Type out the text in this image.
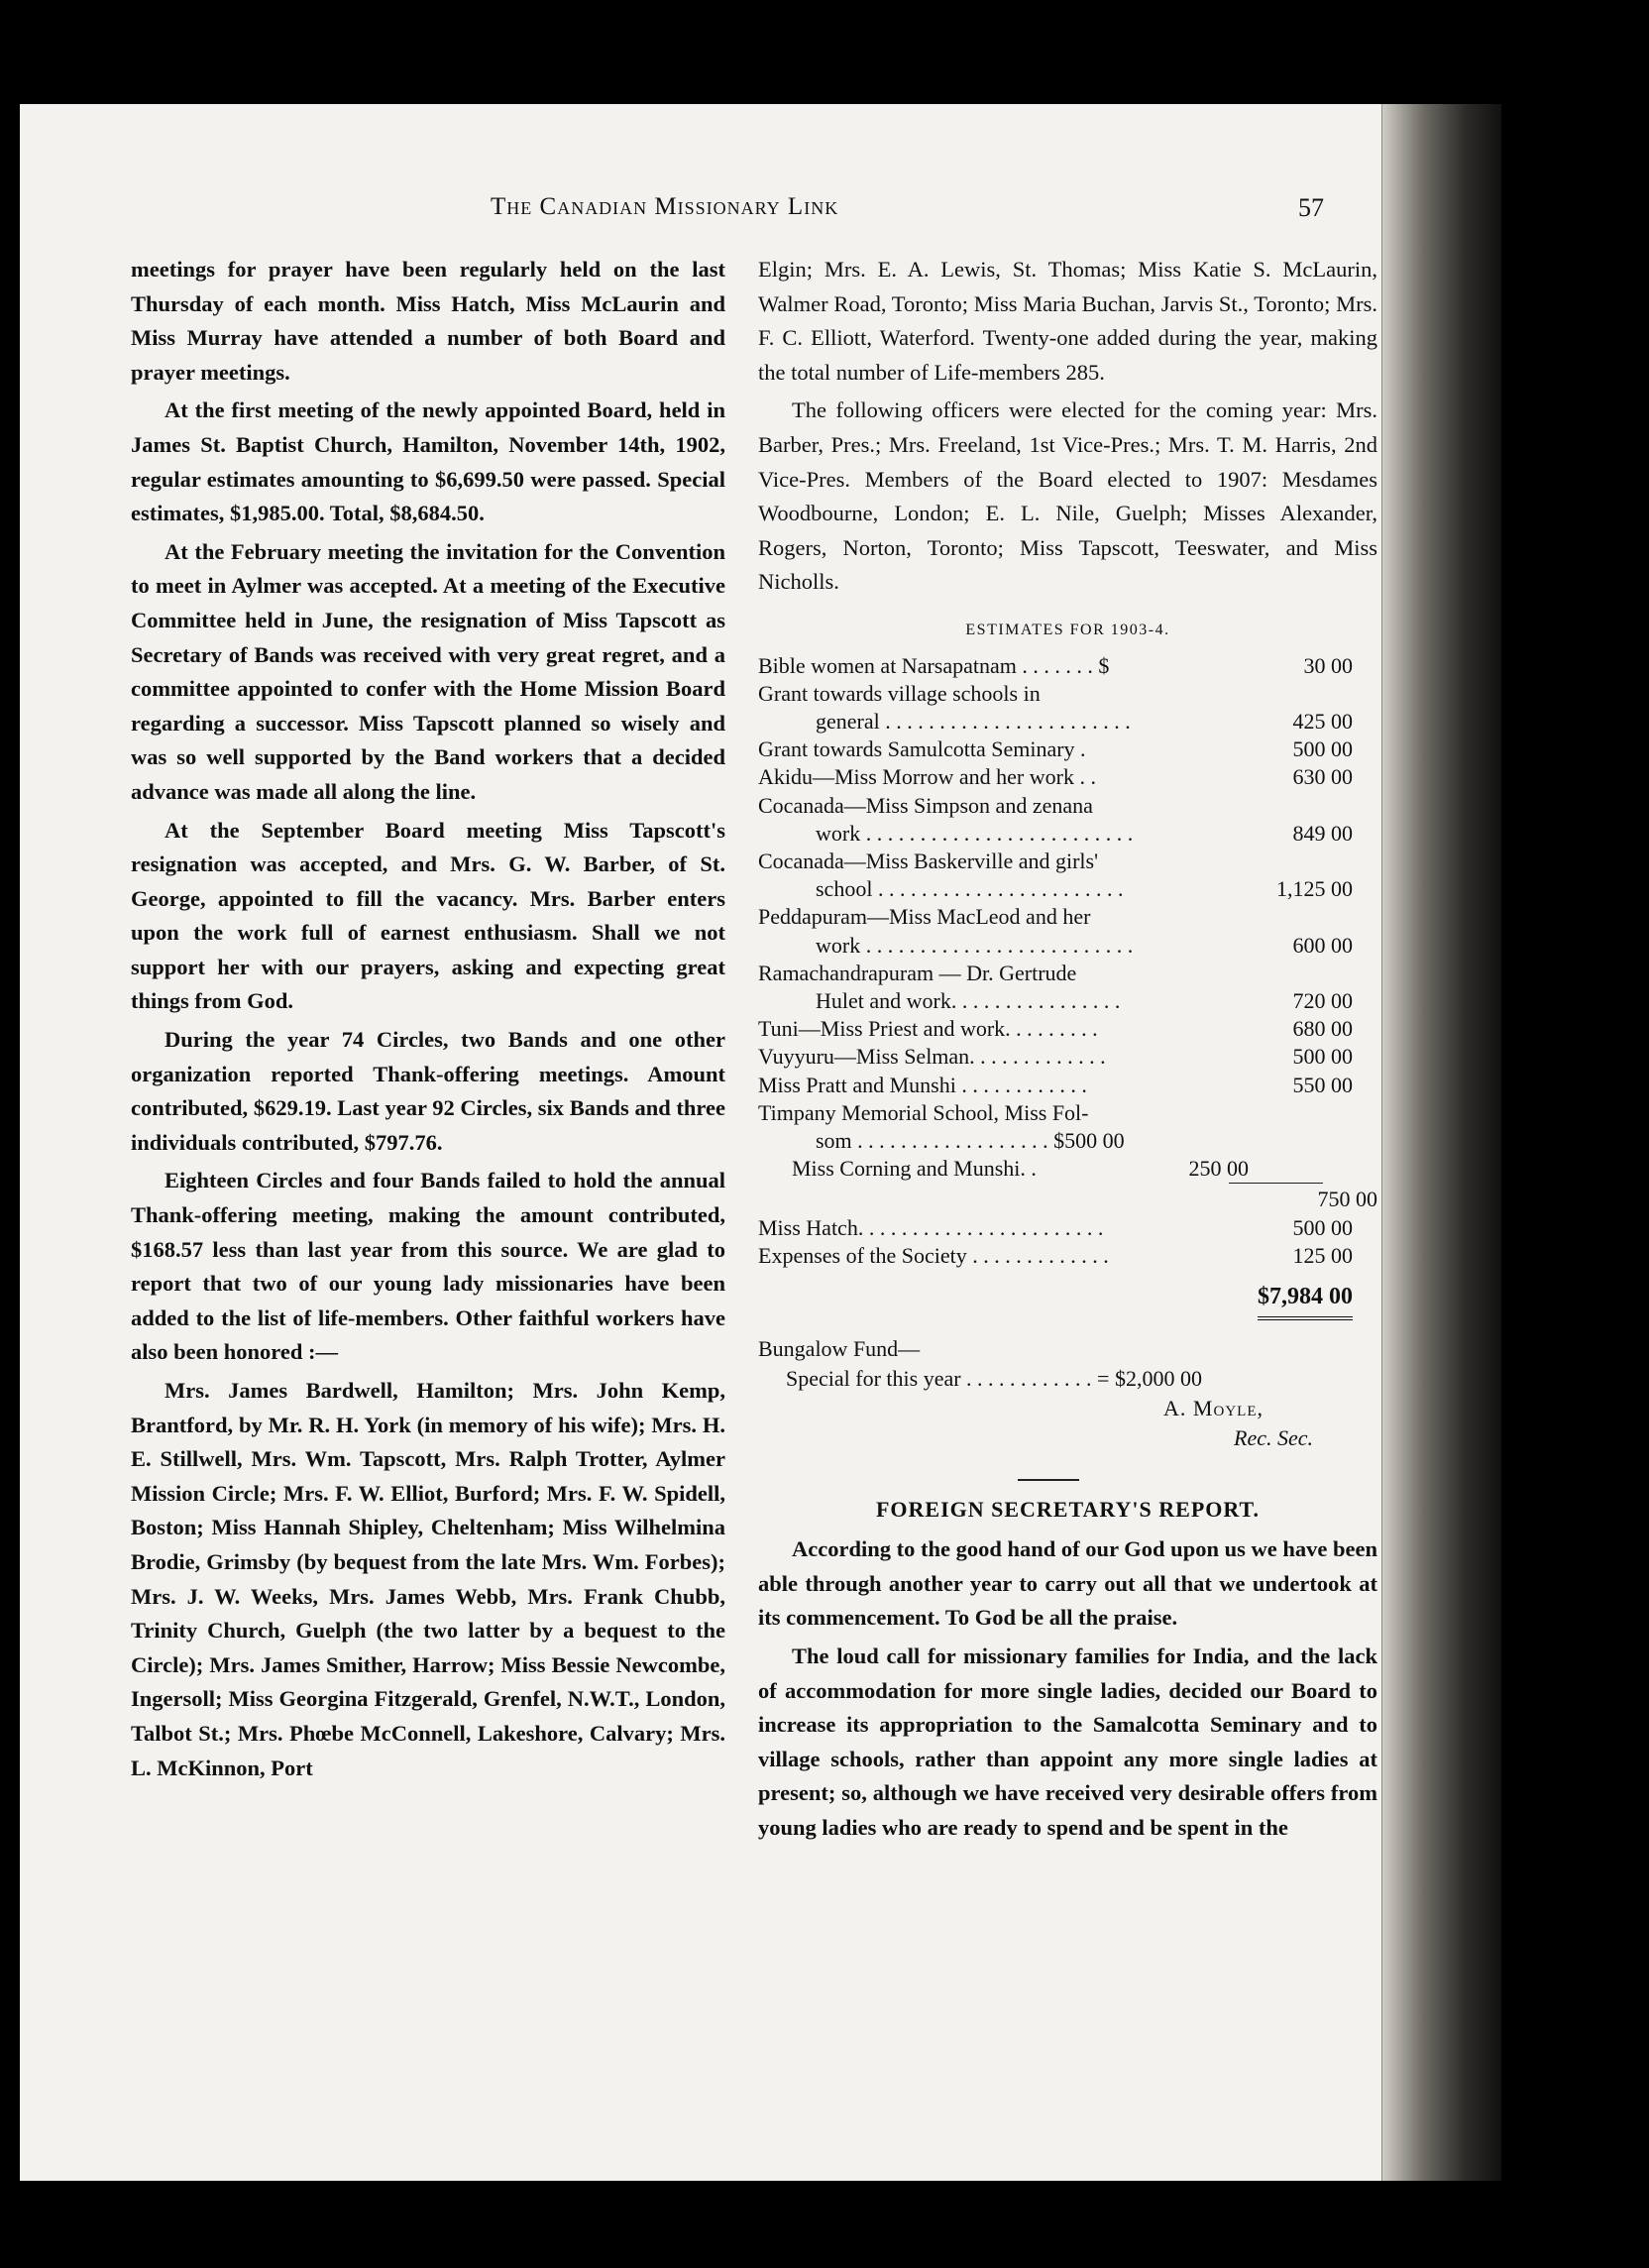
The Canadian Missionary Link	57

meetings for prayer have been regularly held on the last Thursday of each month. Miss Hatch, Miss McLaurin and Miss Murray have attended a number of both Board and prayer meetings.

At the first meeting of the newly appointed Board, held in James St. Baptist Church, Hamilton, November 14th, 1902, regular estimates amounting to $6,699.50 were passed. Special estimates, $1,985.00. Total, $8,684.50.

At the February meeting the invitation for the Convention to meet in Aylmer was accepted. At a meeting of the Executive Committee held in June, the resignation of Miss Tapscott as Secretary of Bands was received with very great regret, and a committee appointed to confer with the Home Mission Board regarding a successor. Miss Tapscott planned so wisely and was so well supported by the Band workers that a decided advance was made all along the line.

At the September Board meeting Miss Tapscott's resignation was accepted, and Mrs. G. W. Barber, of St. George, appointed to fill the vacancy. Mrs. Barber enters upon the work full of earnest enthusiasm. Shall we not support her with our prayers, asking and expecting great things from God.

During the year 74 Circles, two Bands and one other organization reported Thank-offering meetings. Amount contributed, $629.19. Last year 92 Circles, six Bands and three individuals contributed, $797.76.

Eighteen Circles and four Bands failed to hold the annual Thank-offering meeting, making the amount contributed, $168.57 less than last year from this source. We are glad to report that two of our young lady missionaries have been added to the list of life-members. Other faithful workers have also been honored :—

Mrs. James Bardwell, Hamilton; Mrs. John Kemp, Brantford, by Mr. R. H. York (in memory of his wife); Mrs. H. E. Stillwell, Mrs. Wm. Tapscott, Mrs. Ralph Trotter, Aylmer Mission Circle; Mrs. F. W. Elliot, Burford; Mrs. F. W. Spidell, Boston; Miss Hannah Shipley, Cheltenham; Miss Wilhelmina Brodie, Grimsby (by bequest from the late Mrs. Wm. Forbes); Mrs. J. W. Weeks, Mrs. James Webb, Mrs. Frank Chubb, Trinity Church, Guelph (the two latter by a bequest to the Circle); Mrs. James Smither, Harrow; Miss Bessie Newcombe, Ingersoll; Miss Georgina Fitzgerald, Grenfel, N.W.T., London, Talbot St.; Mrs. Phœbe McConnell, Lakeshore, Calvary; Mrs. L. McKinnon, Port

Elgin; Mrs. E. A. Lewis, St. Thomas; Miss Katie S. McLaurin, Walmer Road, Toronto; Miss Maria Buchan, Jarvis St., Toronto; Mrs. F. C. Elliott, Waterford. Twenty-one added during the year, making the total number of Life-members 285.

The following officers were elected for the coming year: Mrs. Barber, Pres.; Mrs. Freeland, 1st Vice-Pres.; Mrs. T. M. Harris, 2nd Vice-Pres. Members of the Board elected to 1907: Mesdames Woodbourne, London; E. L. Nile, Guelph; Misses Alexander, Rogers, Norton, Toronto; Miss Tapscott, Teeswater, and Miss Nicholls.

ESTIMATES FOR 1903-4.
Bible women at Narsapatnam . . . . . . . $	30 00
Grant towards village schools in
general . . . . . . . . . . . . . . . . . . . . . . .	425 00
Grant towards Samulcotta Seminary .	500 00
Akidu—Miss Morrow and her work . .	630 00
Cocanada—Miss Simpson and zenana
work . . . . . . . . . . . . . . . . . . . . . . . . .	849 00
Cocanada—Miss Baskerville and girls'
school . . . . . . . . . . . . . . . . . . . . . . .	1,125 00
Peddapuram—Miss MacLeod and her
work . . . . . . . . . . . . . . . . . . . . . . . . .	600 00
Ramachandrapuram — Dr. Gertrude
Hulet and work. . . . . . . . . . . . . . . .	720 00
Tuni—Miss Priest and work. . . . . . . . .	680 00
Vuyyuru—Miss Selman. . . . . . . . . . . . .	500 00
Miss Pratt and Munshi . . . . . . . . . . . .	550 00
Timpany Memorial School, Miss Fol-
som . . . . . . . . . . . . . . . . . . $500 00
Miss Corning and Munshi. .	250 00
750 00
Miss Hatch. . . . . . . . . . . . . . . . . . . . . . .	500 00
Expenses of the Society . . . . . . . . . . . . .	125 00
$7,984 00
Bungalow Fund—
Special for this year . . . . . . . . . . . . = $2,000 00
A. Moyle,
Rec. Sec.
FOREIGN SECRETARY'S REPORT.

According to the good hand of our God upon us we have been able through another year to carry out all that we undertook at its commencement. To God be all the praise.

The loud call for missionary families for India, and the lack of accommodation for more single ladies, decided our Board to increase its appropriation to the Samalcotta Seminary and to village schools, rather than appoint any more single ladies at present; so, although we have received very desirable offers from young ladies who are ready to spend and be spent in the
